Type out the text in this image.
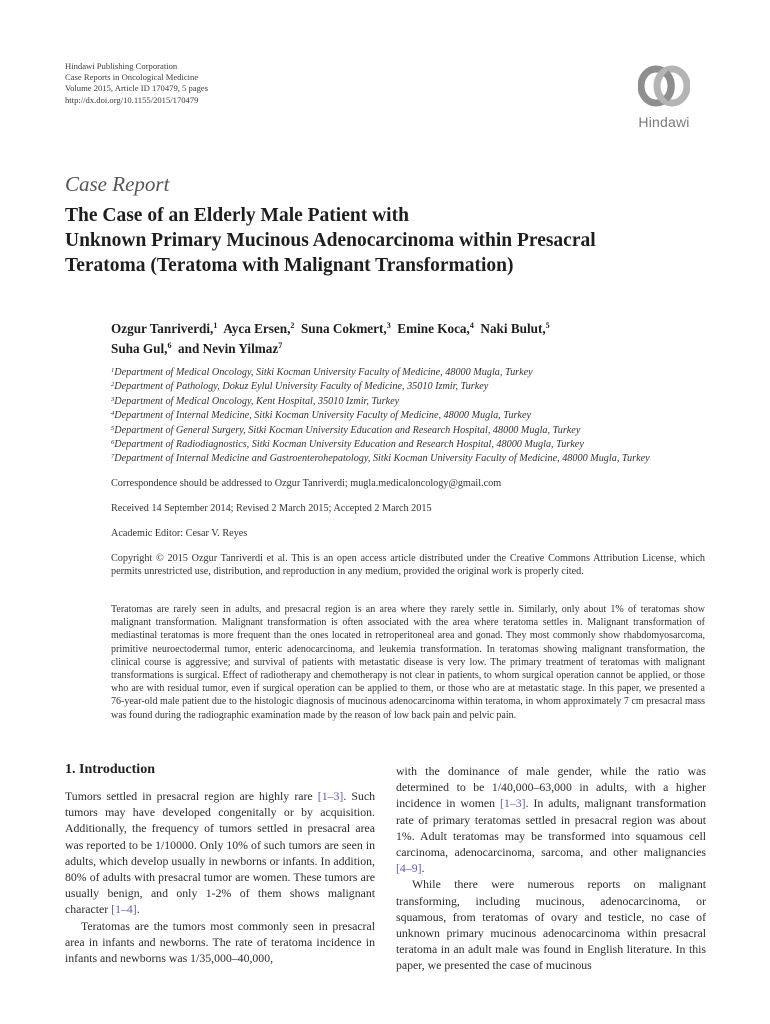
Hindawi Publishing Corporation
Case Reports in Oncological Medicine
Volume 2015, Article ID 170479, 5 pages
http://dx.doi.org/10.1155/2015/170479
Hindawi
Case Report
The Case of an Elderly Male Patient with
Unknown Primary Mucinous Adenocarcinoma within Presacral
Teratoma (Teratoma with Malignant Transformation)
Ozgur Tanriverdi,$^1$ Ayca Ersen,$^2$ Suna Cokmert,$^3$ Emine Koca,$^4$ Naki Bulut,$^5$
Suha Gul,$^6$ and Nevin Yilmaz$^7$
$^1$Department of Medical Oncology, Sitki Kocman University Faculty of Medicine, 48000 Mugla, Turkey
$^2$Department of Pathology, Dokuz Eylul University Faculty of Medicine, 35010 Izmir, Turkey
$^3$Department of Medical Oncology, Kent Hospital, 35010 Izmir, Turkey
$^4$Department of Internal Medicine, Sitki Kocman University Faculty of Medicine, 48000 Mugla, Turkey
$^5$Department of General Surgery, Sitki Kocman University Education and Research Hospital, 48000 Mugla, Turkey
$^6$Department of Radiodiagnostics, Sitki Kocman University Education and Research Hospital, 48000 Mugla, Turkey
$^7$Department of Internal Medicine and Gastroenterohepatology, Sitki Kocman University Faculty of Medicine, 48000 Mugla, Turkey
Correspondence should be addressed to Ozgur Tanriverdi; mugla.medicaloncology@gmail.com
Received 14 September 2014; Revised 2 March 2015; Accepted 2 March 2015
Academic Editor: Cesar V. Reyes
Copyright © 2015 Ozgur Tanriverdi et al. This is an open access article distributed under the Creative Commons Attribution License, which permits unrestricted use, distribution, and reproduction in any medium, provided the original work is properly cited.
Teratomas are rarely seen in adults, and presacral region is an area where they rarely settle in. Similarly, only about 1% of teratomas show malignant transformation. Malignant transformation is often associated with the area where teratoma settles in. Malignant transformation of mediastinal teratomas is more frequent than the ones located in retroperitoneal area and gonad. They most commonly show rhabdomyosarcoma, primitive neuroectodermal tumor, enteric adenocarcinoma, and leukemia transformation. In teratomas showing malignant transformation, the clinical course is aggressive; and survival of patients with metastatic disease is very low. The primary treatment of teratomas with malignant transformations is surgical. Effect of radiotherapy and chemotherapy is not clear in patients, to whom surgical operation cannot be applied, or those who are with residual tumor, even if surgical operation can be applied to them, or those who are at metastatic stage. In this paper, we presented a 76-year-old male patient due to the histologic diagnosis of mucinous adenocarcinoma within teratoma, in whom approximately 7 cm presacral mass was found during the radiographic examination made by the reason of low back pain and pelvic pain.
1. Introduction

Tumors settled in presacral region are highly rare [1–3]. Such tumors may have developed congenitally or by acquisition. Additionally, the frequency of tumors settled in presacral area was reported to be 1/10000. Only 10% of such tumors are seen in adults, which develop usually in newborns or infants. In addition, 80% of adults with presacral tumor are women. These tumors are usually benign, and only 1-2% of them shows malignant character [1–4].

Teratomas are the tumors most commonly seen in presacral area in infants and newborns. The rate of teratoma incidence in infants and newborns was 1/35,000–40,000,

with the dominance of male gender, while the ratio was determined to be 1/40,000–63,000 in adults, with a higher incidence in women [1–3]. In adults, malignant transformation rate of primary teratomas settled in presacral region was about 1%. Adult teratomas may be transformed into squamous cell carcinoma, adenocarcinoma, sarcoma, and other malignancies [4–9].

While there were numerous reports on malignant transforming, including mucinous, adenocarcinoma, or squamous, from teratomas of ovary and testicle, no case of unknown primary mucinous adenocarcinoma within presacral teratoma in an adult male was found in English literature. In this paper, we presented the case of mucinous
